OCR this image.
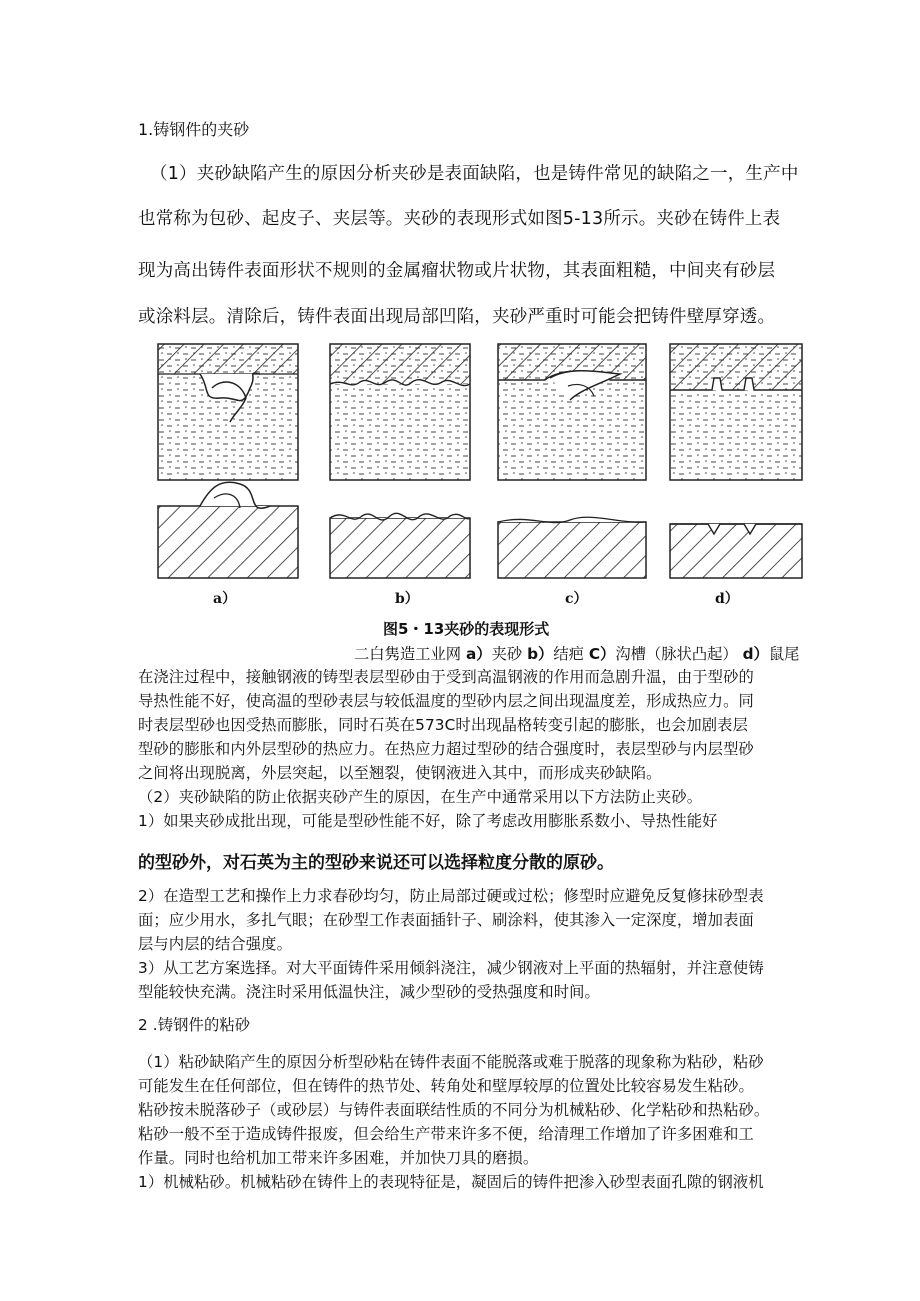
1.铸钢件的夹砂
（1）夹砂缺陷产生的原因分析夹砂是表面缺陷，也是铸件常见的缺陷之一，生产中
也常称为包砂、起皮子、夹层等。夹砂的表现形式如图5-13所示。夹砂在铸件上表
现为高出铸件表面形状不规则的金属瘤状物或片状物，其表面粗糙，中间夹有砂层
或涂料层。清除后，铸件表面出现局部凹陷，夹砂严重时可能会把铸件壁厚穿透。
a）	b）	c）	d）
图5・13夹砂的表现形式
二白隽造工业网 a）夹砂 b）结疤 C）沟槽（脉状凸起） d）鼠尾
在浇注过程中，接触钢液的铸型表层型砂由于受到高温钢液的作用而急剧升温，由于型砂的
导热性能不好，使高温的型砂表层与较低温度的型砂内层之间出现温度差，形成热应力。同
时表层型砂也因受热而膨胀，同时石英在573C时出现晶格转变引起的膨胀，也会加剧表层
型砂的膨胀和内外层型砂的热应力。在热应力超过型砂的结合强度时，表层型砂与内层型砂
之间将出现脱离，外层突起，以至翘裂，使钢液进入其中，而形成夹砂缺陷。
（2）夹砂缺陷的防止依据夹砂产生的原因，在生产中通常采用以下方法防止夹砂。
1）如果夹砂成批出现，可能是型砂性能不好，除了考虑改用膨胀系数小、导热性能好
的型砂外，对石英为主的型砂来说还可以选择粒度分散的原砂。
2）在造型工艺和操作上力求春砂均匀，防止局部过硬或过松；修型时应避免反复修抹砂型表
面；应少用水，多扎气眼；在砂型工作表面插针子、刷涂料，使其渗入一定深度，增加表面
层与内层的结合强度。
3）从工艺方案选择。对大平面铸件采用倾斜浇注，减少钢液对上平面的热辐射，并注意使铸
型能较快充满。浇注时采用低温快注，减少型砂的受热强度和时间。
2 .铸钢件的粘砂
（1）粘砂缺陷产生的原因分析型砂粘在铸件表面不能脱落或难于脱落的现象称为粘砂，粘砂
可能发生在任何部位，但在铸件的热节处、转角处和壁厚较厚的位置处比较容易发生粘砂。
粘砂按未脱落砂子（或砂层）与铸件表面联结性质的不同分为机械粘砂、化学粘砂和热粘砂。
粘砂一般不至于造成铸件报废，但会给生产带来许多不便，给清理工作增加了许多困难和工
作量。同时也给机加工带来许多困难，并加快刀具的磨损。
1）机械粘砂。机械粘砂在铸件上的表现特征是，凝固后的铸件把渗入砂型表面孔隙的钢液机
